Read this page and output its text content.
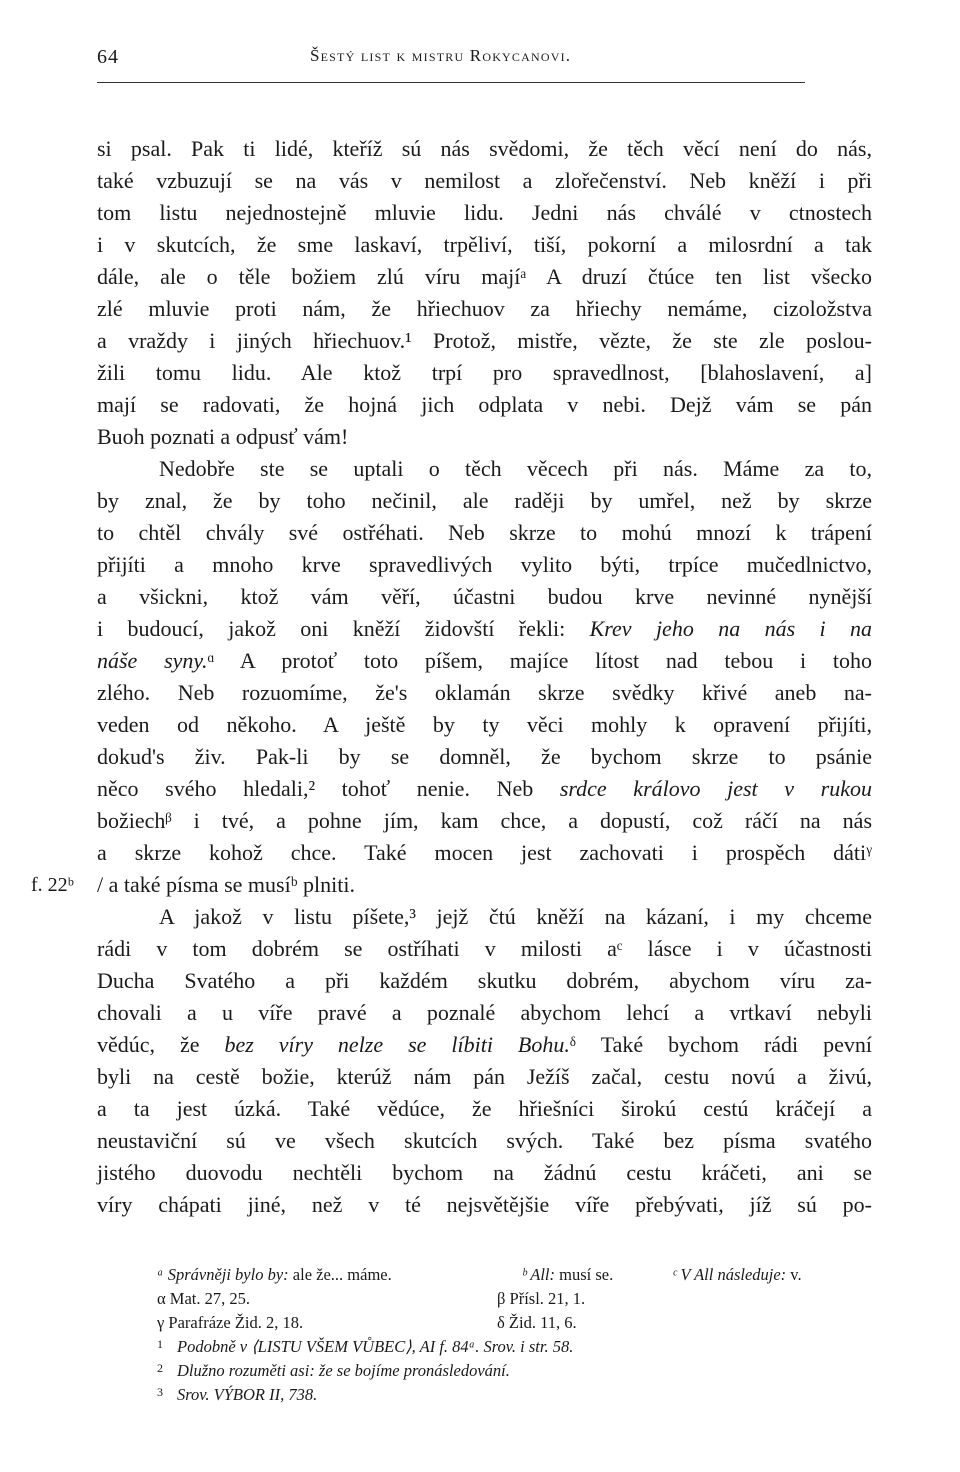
64	Šestý list k mistru Rokycanovi.
si psal. Pak ti lidé, kteříž sú nás svědomi, že těch věcí není do nás,
také vzbuzují se na vás v nemilost a zlořečenství. Neb kněží i při
tom listu nejednostejně mluvie lidu. Jedni nás chválé v ctnostech
i v skutcích, že sme laskaví, trpěliví, tiší, pokorní a milosrdní a tak
dále, ale o těle božiem zlú víru majíᵃ A druzí čtúce ten list všecko
zlé mluvie proti nám, že hřiechuov za hřiechy nemáme, cizoložstva
a vraždy i jiných hřiechuov.¹ Protož, mistře, vězte, že ste zle poslou-
žili tomu lidu. Ale ktož trpí pro spravedlnost, [blahoslavení, a]
mají se radovati, že hojná jich odplata v nebi. Dejž vám se pán
Buoh poznati a odpusť vám!
Nedobře ste se uptali o těch věcech při nás. Máme za to,
by znal, že by toho nečinil, ale raději by umřel, než by skrze
to chtěl chvály své ostřéhati. Neb skrze to mohú mnozí k trápení
přijíti a mnoho krve spravedlivých vylito býti, trpíce mučedlnictvo,
a všickni, ktož vám věří, účastni budou krve nevinné nynější
i budoucí, jakož oni kněží židovští řekli: Krev jeho na nás i na
náše syny.ᵅ A protoť toto píšem, majíce lítost nad tebou i toho
zlého. Neb rozuomíme, že's oklamán skrze svědky křivé aneb na-
veden od někoho. A ještě by ty věci mohly k opravení přijíti,
dokud's živ. Pak-li by se domněl, že bychom skrze to psánie
něco svého hledali,² tohoť nenie. Neb srdce královo jest v rukou
božiechᵝ i tvé, a pohne jím, kam chce, a dopustí, což ráčí na nás
a skrze kohož chce. Také mocen jest zachovati i prospěch dátiᵞ
f. 22ᵇ / a také písma se musíᵇ plniti.
A jakož v listu píšete,³ jejž čtú kněží na kázaní, i my chceme
rádi v tom dobrém se ostříhati v milosti aᶜ lásce i v účastnosti
Ducha Svatého a při každém skutku dobrém, abychom víru za-
chovali a u víře pravé a poznalé abychom lehcí a vrtkaví nebyli
vědúc, že bez víry nelze se líbiti Bohu.ᵟ Také bychom rádi pevní
byli na cestě božie, kterúž nám pán Ježíš začal, cestu novú a živú,
a ta jest úzká. Také vědúce, že hřiešníci širokú cestú kráčejí a
neustaviční sú ve všech skutcích svých. Také bez písma svatého
jistého duovodu nechtěli bychom na žádnú cestu kráčeti, ani se
víry chápati jiné, než v té nejsvětějšie víře přebývati, jíž sú po-
ᵃ Správněji bylo by: ale že... máme.	ᵇ All: musí se.	ᶜ V All následuje: v.
α Mat. 27, 25.	β Přísl. 21, 1.
γ Parafráze Žid. 2, 18.	δ Žid. 11, 6.
1 Podobně v ⟨LISTU VŠEM VŮBEC⟩, AI f. 84ᵃ. Srov. i str. 58.
2 Dlužno rozuměti asi: že se bojíme pronásledování.
3 Srov. VÝBOR II, 738.
